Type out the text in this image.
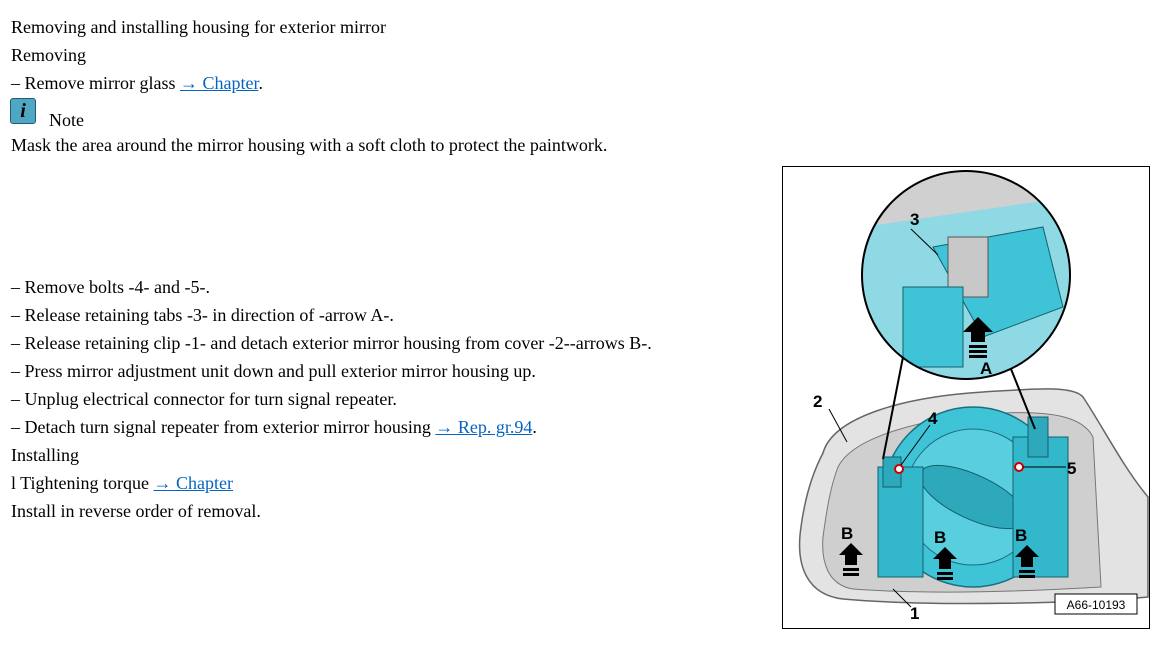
Removing and installing housing for exterior mirror
Removing
– Remove mirror glass → Chapter.
i	Note
Mask the area around the mirror housing with a soft cloth to protect the paintwork.
– Remove bolts -4- and -5-.
– Release retaining tabs -3- in direction of -arrow A-.
– Release retaining clip -1- and detach exterior mirror housing from cover -2--arrows B-.
– Press mirror adjustment unit down and pull exterior mirror housing up.
– Unplug electrical connector for turn signal repeater.
– Detach turn signal repeater from exterior mirror housing → Rep. gr.94.
Installing
l Tightening torque → Chapter
Install in reverse order of removal.
2
4
5
3
A
B	B	B
1	A66-10193
